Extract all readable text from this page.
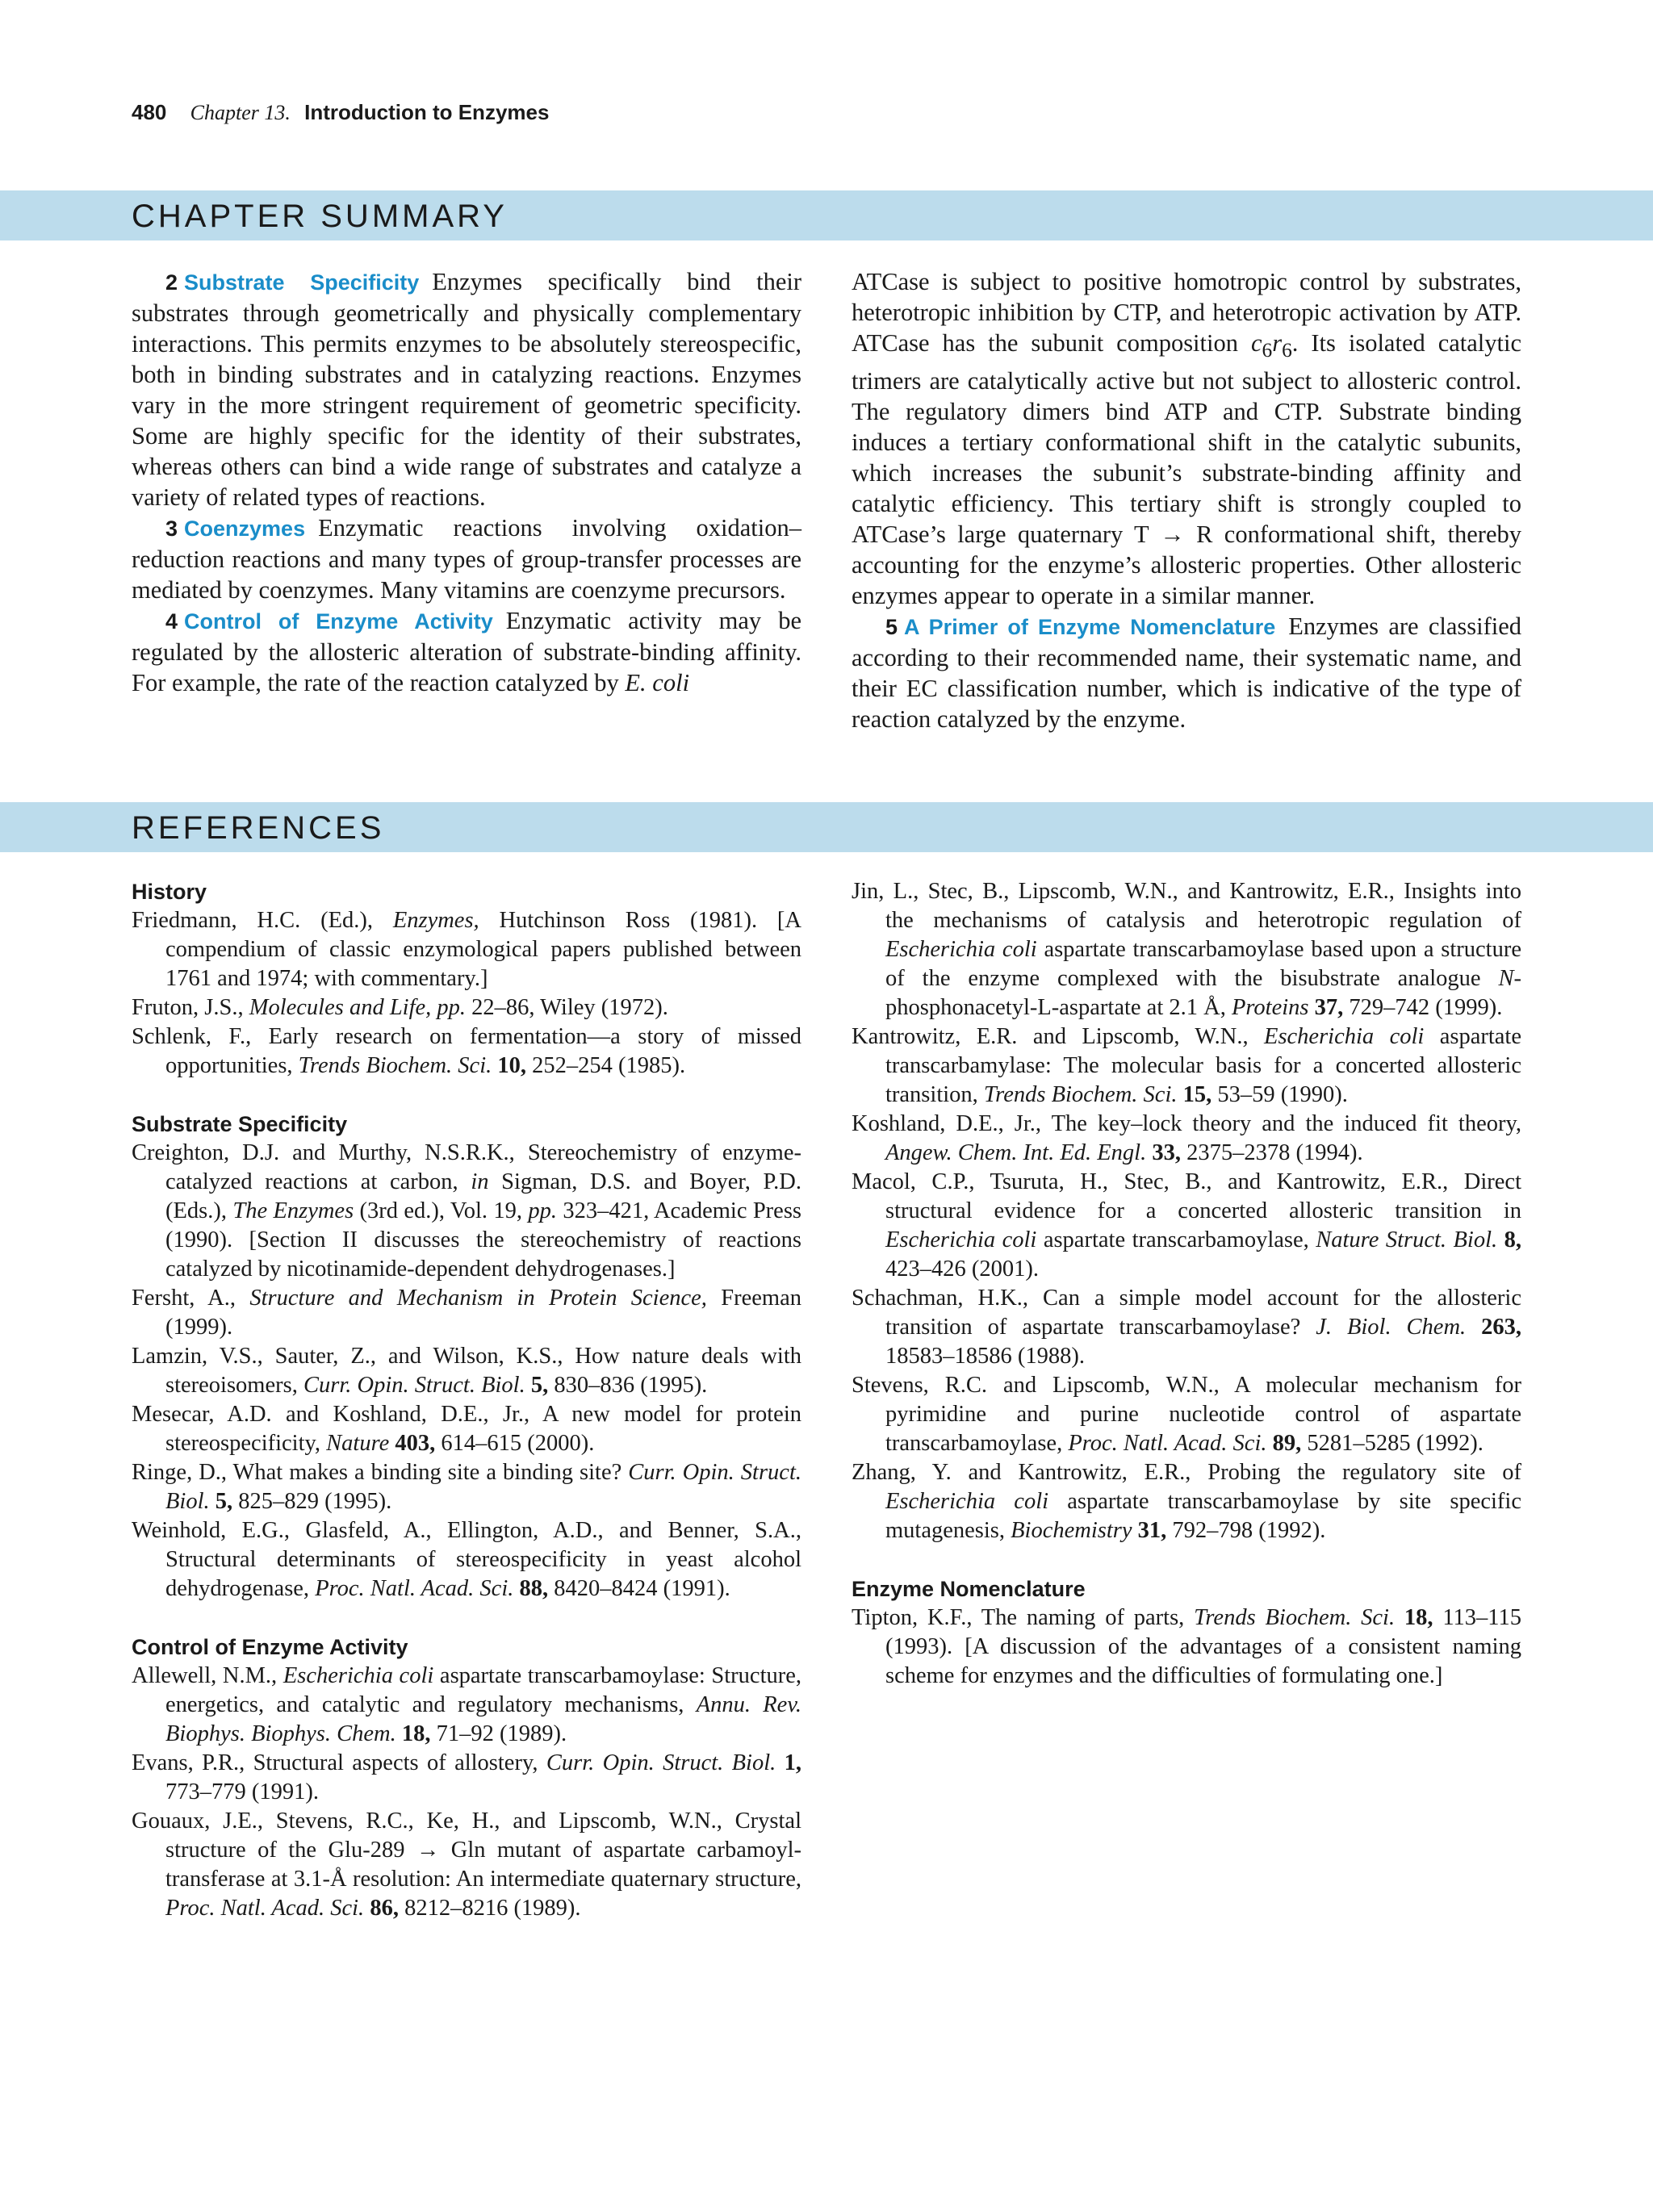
480 Chapter 13. Introduction to Enzymes
CHAPTER SUMMARY

2 Substrate Specificity Enzymes specifically bind their substrates through geometrically and physically complementary interactions. This permits enzymes to be absolutely stereospecific, both in binding substrates and in catalyzing reactions. Enzymes vary in the more stringent requirement of geometric specificity. Some are highly specific for the identity of their substrates, whereas others can bind a wide range of substrates and catalyze a variety of related types of reactions.

3 Coenzymes Enzymatic reactions involving oxidation–reduction reactions and many types of group-transfer processes are mediated by coenzymes. Many vitamins are coenzyme precursors.

4 Control of Enzyme Activity Enzymatic activity may be regulated by the allosteric alteration of substrate-binding affinity. For example, the rate of the reaction catalyzed by E. coli

ATCase is subject to positive homotropic control by substrates, heterotropic inhibition by CTP, and heterotropic activation by ATP. ATCase has the subunit composition $c_6r_6$. Its isolated catalytic trimers are catalytically active but not subject to allosteric control. The regulatory dimers bind ATP and CTP. Substrate binding induces a tertiary conformational shift in the catalytic subunits, which increases the subunit’s substrate-binding affinity and catalytic efficiency. This tertiary shift is strongly coupled to ATCase’s large quaternary T → R conformational shift, thereby accounting for the enzyme’s allosteric properties. Other allosteric enzymes appear to operate in a similar manner.

5 A Primer of Enzyme Nomenclature Enzymes are classified according to their recommended name, their systematic name, and their EC classification number, which is indicative of the type of reaction catalyzed by the enzyme.

REFERENCES
History

Friedmann, H.C. (Ed.), Enzymes, Hutchinson Ross (1981). [A compendium of classic enzymological papers published between 1761 and 1974; with commentary.]

Fruton, J.S., Molecules and Life, pp. 22–86, Wiley (1972).

Schlenk, F., Early research on fermentation—a story of missed opportunities, Trends Biochem. Sci. 10, 252–254 (1985).

Substrate Specificity

Creighton, D.J. and Murthy, N.S.R.K., Stereochemistry of enzyme-catalyzed reactions at carbon, in Sigman, D.S. and Boyer, P.D. (Eds.), The Enzymes (3rd ed.), Vol. 19, pp. 323–421, Academic Press (1990). [Section II discusses the stereochemistry of reactions catalyzed by nicotinamide-dependent dehydrogenases.]

Fersht, A., Structure and Mechanism in Protein Science, Freeman (1999).

Lamzin, V.S., Sauter, Z., and Wilson, K.S., How nature deals with stereoisomers, Curr. Opin. Struct. Biol. 5, 830–836 (1995).

Mesecar, A.D. and Koshland, D.E., Jr., A new model for protein stereospecificity, Nature 403, 614–615 (2000).

Ringe, D., What makes a binding site a binding site? Curr. Opin. Struct. Biol. 5, 825–829 (1995).

Weinhold, E.G., Glasfeld, A., Ellington, A.D., and Benner, S.A., Structural determinants of stereospecificity in yeast alcohol dehydrogenase, Proc. Natl. Acad. Sci. 88, 8420–8424 (1991).

Control of Enzyme Activity

Allewell, N.M., Escherichia coli aspartate transcarbamoylase: Structure, energetics, and catalytic and regulatory mechanisms, Annu. Rev. Biophys. Biophys. Chem. 18, 71–92 (1989).

Evans, P.R., Structural aspects of allostery, Curr. Opin. Struct. Biol. 1, 773–779 (1991).

Gouaux, J.E., Stevens, R.C., Ke, H., and Lipscomb, W.N., Crystal structure of the Glu-289 → Gln mutant of aspartate carbamoyl-transferase at 3.1-Å resolution: An intermediate quaternary structure, Proc. Natl. Acad. Sci. 86, 8212–8216 (1989).

Jin, L., Stec, B., Lipscomb, W.N., and Kantrowitz, E.R., Insights into the mechanisms of catalysis and heterotropic regulation of Escherichia coli aspartate transcarbamoylase based upon a structure of the enzyme complexed with the bisubstrate analogue N-phosphonacetyl-L-aspartate at 2.1 Å, Proteins 37, 729–742 (1999).

Kantrowitz, E.R. and Lipscomb, W.N., Escherichia coli aspartate transcarbamylase: The molecular basis for a concerted allosteric transition, Trends Biochem. Sci. 15, 53–59 (1990).

Koshland, D.E., Jr., The key–lock theory and the induced fit theory, Angew. Chem. Int. Ed. Engl. 33, 2375–2378 (1994).

Macol, C.P., Tsuruta, H., Stec, B., and Kantrowitz, E.R., Direct structural evidence for a concerted allosteric transition in Escherichia coli aspartate transcarbamoylase, Nature Struct. Biol. 8, 423–426 (2001).

Schachman, H.K., Can a simple model account for the allosteric transition of aspartate transcarbamoylase? J. Biol. Chem. 263, 18583–18586 (1988).

Stevens, R.C. and Lipscomb, W.N., A molecular mechanism for pyrimidine and purine nucleotide control of aspartate transcarbamoylase, Proc. Natl. Acad. Sci. 89, 5281–5285 (1992).

Zhang, Y. and Kantrowitz, E.R., Probing the regulatory site of Escherichia coli aspartate transcarbamoylase by site specific mutagenesis, Biochemistry 31, 792–798 (1992).

Enzyme Nomenclature

Tipton, K.F., The naming of parts, Trends Biochem. Sci. 18, 113–115 (1993). [A discussion of the advantages of a consistent naming scheme for enzymes and the difficulties of formulating one.]
